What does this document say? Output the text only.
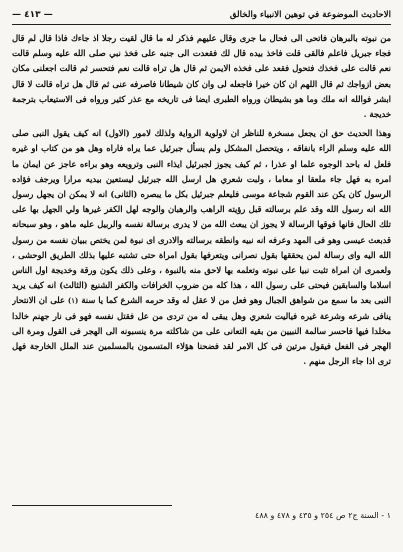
الاحاديث الموضوعة في توهين الانبياء والخالق
— ٤١٣ —

من نبوته بالبرهان فاتحى الى فحال ما جرى وقال عليهم فذكر له ما قال لقيت رجلا اذ جاءك فاذا قال لم قال فجاء جبريل فاعلم فالقى قلت فاخذ بيده قال لك فقعدت الى جنبه على فخذ نبي صلى الله عليه وسلم قالت نعم قالت على فخذك فتحول فقعد على فخذه الايمن ثم قال هل تراه قالت نعم فتحسر ثم قالت اجعلنى مكان بعض ازواجك ثم قال اللهم ان كان خيرا فاجعله لى وان كان شيطانا فاصرفه عنى ثم قال هل تراه قالت لا قال ابشر فوالله انه ملك وما هو بشيطان ورواه الطبرى ايضا فى تاريخه مع عذر كثير ورواه فى الاستيعاب بترجمة خديجة .

وهذا الحديث حق ان يجعل مسخرة للناظر ان لاولوية الرواية ولذلك لامور (الاول) انه كيف يقول النبى صلى الله عليه وسلم الراء بانفاقه ، ويتحصل المشكل ولم يسأل جبرئيل عما يراه فاراه وهل هو من كتاب او غيره فلعل له باحد الوجوه علما او عذرا ، ثم كيف يجوز لجبرئيل ايذاء النبى وترويعه وهو براءه عاجز عن ايمان ما امره به فهل جاء ملعقا او معاما ، ولبت شعري هل ارسل الله جبرئيل ليستعين بيديه مرارا ويرجف فؤاده الرسول كان يكن عند القوم شجاعة موسى فليعلم جبرئيل بكل ما يبصره (الثانى) انه لا يمكن ان يجهل رسول الله انه رسول الله وقد علم برسالته قبل رؤيته الراهب والرهبان والوجه لهل الكفر غيرها ولي الجهل بها على تلك الحال فانها فوقها الرسالة لا يجوز ان يبعث الله من لا يدرى برسالة نفسه والربيل عليه ماهو ، وهو سبحانه قدبعث عيسى وهو فى المهد وعرفه انه نبيه وانطقه برسالته والادرى اى نبوة لمن يختص ببيان نفسه من رسول الله اليه واى رسالة لمن يحققها بقول نصرانى ويتعرفها بقول امراة حتى تشتبه عليها بذلك الطريق الوحشى ، ولعمرى ان امراة تثبت نبيا على نبوته وتعلمه بها لاحق منه بالنبوة ، وعلى ذلك يكون ورقة وخديجة اول الناس اسلاما والسابقين فيحتى على رسول الله ، هذا كله من ضروب الخرافات والكفر الشنيع (الثالث) انه كيف يريد النبى بعد ما سمع من شواهق الجبال وهو فعل من لا عقل له وقد حرمه الشرع كما يا سنة (١) على ان الانتحار ينافى شرعه وشرعة غيره فياليت شعري وهل يبقى له من تردى من عل فقتل نفسه فهو فى نار جهنم خالدا مخلدا فيها فاحسر سالمة النبيين من بقيه التعانى على من شاكلته مرة ينسبونه الى الهجر فى القول ومرة الى الهجر فى الفعل فيقول مرتين فى كل الامر لقد فضحنا هؤلاء المتسمون بالمسلمين عند الملل الخارجة فهل ترى اذا جاء الرجل منهم .

١ - السنة ج٢ ص ٢٥٤ و ٤٣٥ و ٤٧٨ و ٤٨٨
